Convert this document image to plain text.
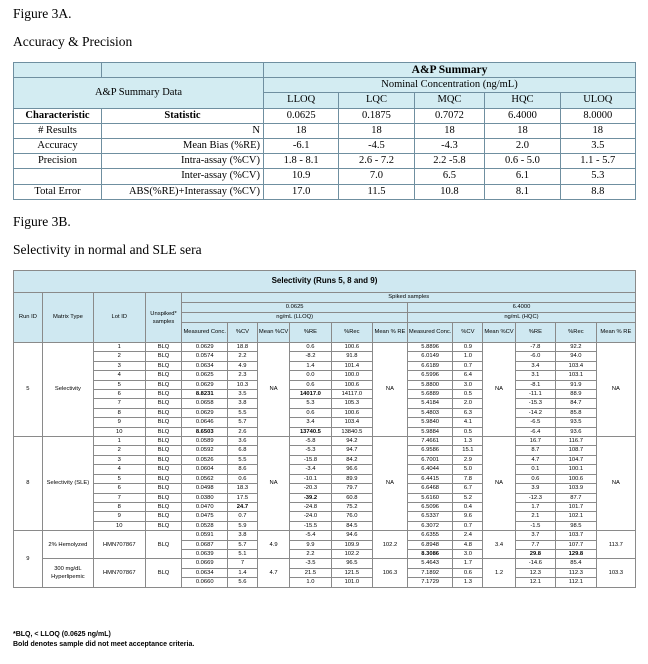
Figure 3A.
Accuracy & Precision
		A&P Summary				
A&P Summary Data		Nominal Concentration (ng/mL)				
		LLOQ	LQC	MQC	HQC	ULOQ
Characteristic	Statistic	0.0625	0.1875	0.7072	6.4000	8.0000
# Results	N	18	18	18	18	18
Accuracy	Mean Bias (%RE)	-6.1	-4.5	-4.3	2.0	3.5
Precision	Intra-assay (%CV)	1.8 - 8.1	2.6 - 7.2	2.2 -5.8	0.6 - 5.0	1.1 - 5.7
	Inter-assay (%CV)	10.9	7.0	6.5	6.1	5.3
Total Error	ABS(%RE)+Interassay (%CV)	17.0	11.5	10.8	8.1	8.8
Figure 3B.
Selectivity in normal and SLE sera
Selectivity (Runs 5, 8 and 9)															
Run ID	Matrix Type	Lot ID	Unspiked* samples	Spiked samples											
				0.0625						6.4000					
				ng/mL (LLOQ)						ng/mL (HQC)					
				Measured Conc.	%CV	Mean %CV	%RE	%Rec	Mean % RE	Measured Conc.	%CV	Mean %CV	%RE	%Rec	Mean % RE
5	Selectivity	1	BLQ	0.0629	18.8	NA	0.6	100.6	NA	5.8896	0.9	NA	-7.8	92.2	NA
		2	BLQ	0.0574	2.2		-8.2	91.8		6.0149	1.0		-6.0	94.0	
		3	BLQ	0.0634	4.9		1.4	101.4		6.6189	0.7		3.4	103.4	
		4	BLQ	0.0625	2.3		0.0	100.0		6.5996	6.4		3.1	103.1	
		5	BLQ	0.0629	10.3		0.6	100.6		5.8800	3.0		-8.1	91.9	
		6	BLQ	8.8231	3.5		14017.0	14117.0		5.6889	0.5		-11.1	88.9	
		7	BLQ	0.0658	3.8		5.3	105.3		5.4184	2.0		-15.3	84.7	
		8	BLQ	0.0629	5.5		0.6	100.6		5.4803	6.3		-14.2	85.8	
		9	BLQ	0.0646	5.7		3.4	103.4		5.9840	4.1		-6.5	93.5	
		10	BLQ	8.6503	2.6		13740.5	13840.5		5.9884	0.5		-6.4	93.6	
8	Selectivity (SLE)	1	BLQ	0.0589	3.6	NA	-5.8	94.2	NA	7.4661	1.3	NA	16.7	116.7	NA
		2	BLQ	0.0592	6.8		-5.3	94.7		6.9586	15.1		8.7	108.7	
		3	BLQ	0.0526	5.5		-15.8	84.2		6.7001	2.9		4.7	104.7	
		4	BLQ	0.0604	8.6		-3.4	96.6		6.4044	5.0		0.1	100.1	
		5	BLQ	0.0562	0.6		-10.1	89.9		6.4415	7.8		0.6	100.6	
		6	BLQ	0.0498	18.3		-20.3	79.7		6.6468	6.7		3.9	103.9	
		7	BLQ	0.0380	17.5		-39.2	60.8		5.6160	5.2		-12.3	87.7	
		8	BLQ	0.0470	24.7		-24.8	75.2		6.5096	0.4		1.7	101.7	
		9	BLQ	0.0475	0.7		-24.0	76.0		6.5337	9.6		2.1	102.1	
		10	BLQ	0.0528	5.9		-15.5	84.5		6.3072	0.7		-1.5	98.5	
9	2% Hemolyzed	HMN707867	BLQ	0.0591	3.8	4.9	-5.4	94.6	102.2	6.6355	2.4	3.4	3.7	103.7	113.7
				0.0687	5.7		9.9	109.9		6.8948	4.8		7.7	107.7	
				0.0639	5.1		2.2	102.2		8.3086	3.0		29.8	129.8	
	300 mg/dL Hyperlipemic	HMN707867	BLQ	0.0669	7	4.7	-3.5	96.5	106.3	5.4643	1.7	1.2	-14.6	85.4	103.3
				0.0634	1.4		21.5	121.5		7.1892	0.6		12.3	112.3	
				0.0660	5.6		1.0	101.0		7.1729	1.3		12.1	112.1	
*BLQ, < LLOQ (0.0625 ng/mL)
Bold denotes sample did not meet acceptance criteria.
